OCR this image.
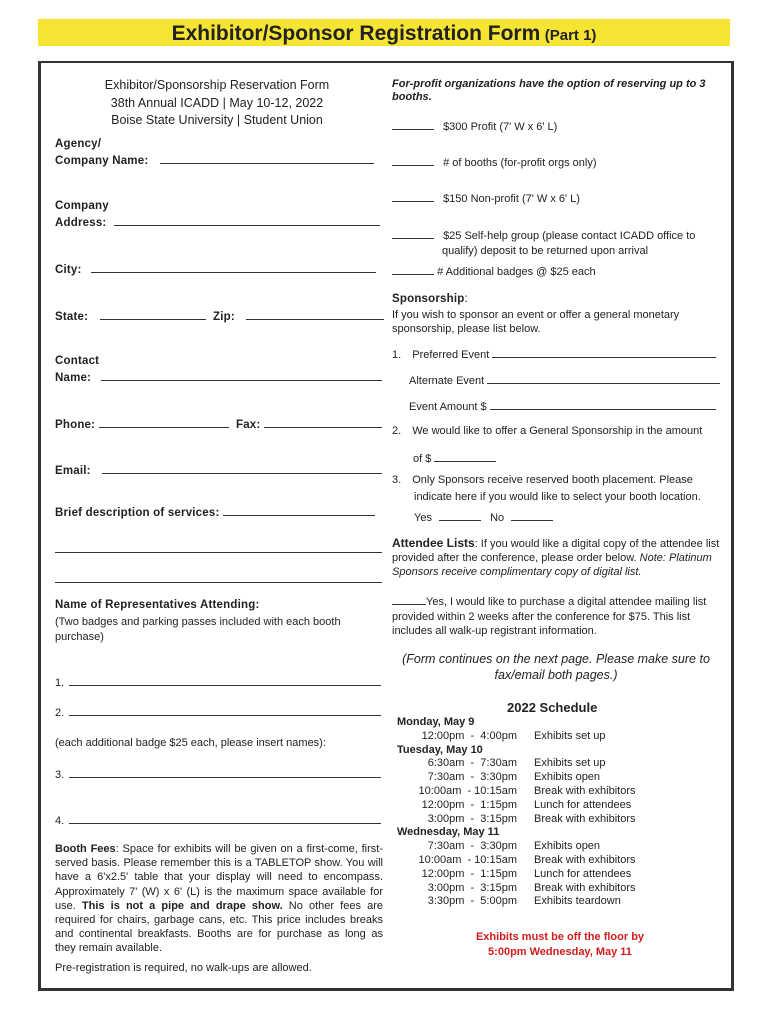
Exhibitor/Sponsor Registration Form (Part 1)
Exhibitor/Sponsorship Reservation Form
38th Annual ICADD | May 10-12, 2022
Boise State University | Student Union
Agency/
Company Name:
Company
Address:
City:
State:	Zip:
Contact
Name:
Phone:	Fax:
Email:
Brief description of services:
Name of Representatives Attending:
(Two badges and parking passes included with each booth
purchase)
1.
2.
(each additional badge $25 each, please insert names):
3.
4.
Booth Fees: Space for exhibits will be given on a first-come, first-served basis. Please remember this is a TABLETOP show. You will have a 6'x2.5' table that your display will need to encompass. Approximately 7' (W) x 6' (L) is the maximum space available for use. This is not a pipe and drape show. No other fees are required for chairs, garbage cans, etc. This price includes breaks and continental breakfasts. Booths are for purchase as long as they remain available.
Pre-registration is required, no walk-ups are allowed.
For-profit organizations have the option of reserving up to 3 booths.
$300 Profit (7' W x 6' L)
# of booths (for-profit orgs only)
$150 Non-profit (7' W x 6' L)
$25 Self-help group (please contact ICADD office to
qualify) deposit to be returned upon arrival
# Additional badges @ $25 each
Sponsorship:
If you wish to sponsor an event or offer a general monetary sponsorship, please list below.
1. Preferred Event
Alternate Event
Event Amount $
2. We would like to offer a General Sponsorship in the amount
of $
3. Only Sponsors receive reserved booth placement. Please
indicate here if you would like to select your booth location.
Yes	No
Attendee Lists: If you would like a digital copy of the attendee list provided after the conference, please order below. Note: Platinum Sponsors receive complimentary copy of digital list.
Yes, I would like to purchase a digital attendee mailing list provided within 2 weeks after the conference for $75. This list includes all walk-up registrant information.
(Form continues on the next page. Please make sure to fax/email both pages.)
2022 Schedule
Monday, May 9
12:00pm  -  4:00pm	Exhibits set up
Tuesday, May 10
6:30am  -  7:30am	Exhibits set up
7:30am  -  3:30pm	Exhibits open
10:00am  - 10:15am	Break with exhibitors
12:00pm  -  1:15pm	Lunch for attendees
3:00pm  -  3:15pm	Break with exhibitors
Wednesday, May 11
7:30am  -  3:30pm	Exhibits open
10:00am  - 10:15am	Break with exhibitors
12:00pm  -  1:15pm	Lunch for attendees
3:00pm  -  3:15pm	Break with exhibitors
3:30pm  -  5:00pm	Exhibits teardown
Exhibits must be off the floor by
5:00pm Wednesday, May 11
